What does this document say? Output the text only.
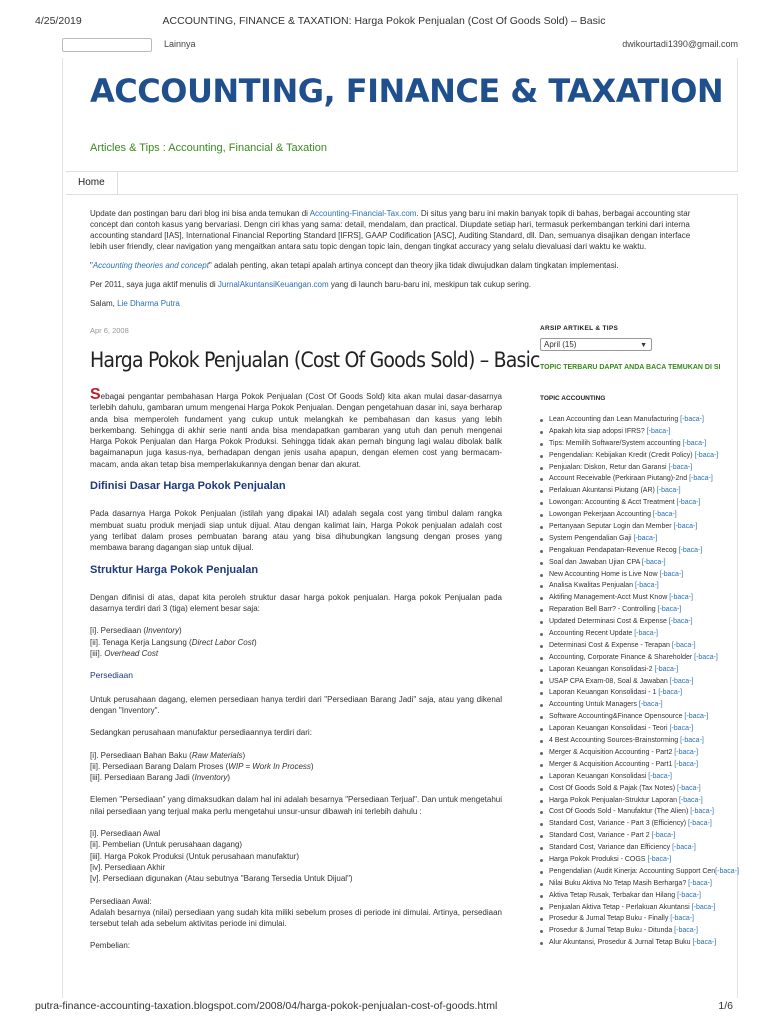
4/25/2019	ACCOUNTING, FINANCE & TAXATION: Harga Pokok Penjualan (Cost Of Goods Sold) – Basic
Lainnya	dwikourtadi1390@gmail.com
ACCOUNTING, FINANCE & TAXATION
Articles & Tips : Accounting, Financial & Taxation
Home

Update dan postingan baru dari blog ini bisa anda temukan di Accounting-Financial-Tax.com. Di situs yang baru ini makin banyak topik di bahas, berbagai accounting star
concept dan contoh kasus yang bervariasi. Dengn ciri khas yang sama: detail, mendalam, dan practical. Diupdate setiap hari, termasuk perkembangan terkini dari interna
accounting standard [IAS], International Financial Reporting Standard [IFRS], GAAP Codification [ASC], Auditing Standard, dll. Dan, semuanya disajikan dengan interface
lebih user friendly, clear navigation yang mengaitkan antara satu topic dengan topic lain, dengan tingkat accuracy yang selalu dievaluasi dari waktu ke waktu.

"Accounting theories and concept" adalah penting, akan tetapi apalah artinya concept dan theory jika tidak diwujudkan dalam tingkatan implementasi.

Per 2011, saya juga aktif menulis di JurnalAkuntansiKeuangan.com yang di launch baru-baru ini, meskipun tak cukup sering.

Salam, Lie Dharma Putra

Apr 6, 2008
Harga Pokok Penjualan (Cost Of Goods Sold) – Basic

Sebagai pengantar pembahasan Harga Pokok Penjualan (Cost Of Goods Sold) kita akan mulai dasar-dasarnya terlebih dahulu, gambaran umum mengenai Harga Pokok Penjualan. Dengan pengetahuan dasar ini, saya berharap anda bisa memperoleh fundament yang cukup untuk melangkah ke pembahasan dan kasus yang lebih berkembang. Sehingga di akhir serie nanti anda bisa mendapatkan gambaran yang utuh dan penuh mengenai Harga Pokok Penjualan dan Harga Pokok Produksi. Sehingga tidak akan pernah bingung lagi walau dibolak balik bagaimanapun juga kasus-nya, berhadapan dengan jenis usaha apapun, dengan elemen cost yang bermacam-macam, anda akan tetap bisa memperlakukannya dengan benar dan akurat.

Difinisi Dasar Harga Pokok Penjualan

Pada dasarnya Harga Pokok Penjualan (istilah yang dipakai IAI) adalah segala cost yang timbul dalam rangka membuat suatu produk menjadi siap untuk dijual. Atau dengan kalimat lain, Harga Pokok penjualan adalah cost yang terlibat dalam proses pembuatan barang atau yang bisa dihubungkan langsung dengan proses yang membawa barang dagangan siap untuk dijual.

Struktur Harga Pokok Penjualan

Dengan difinisi di atas, dapat kita peroleh struktur dasar harga pokok penjualan. Harga pokok Penjualan pada dasarnya terdiri dari 3 (tiga) element besar saja:

[i]. Persediaan (Inventory)
[ii]. Tenaga Kerja Langsung (Direct Labor Cost)
[iii]. Overhead Cost
Persediaan

Untuk perusahaan dagang, elemen persediaan hanya terdiri dari "Persediaan Barang Jadi" saja, atau yang dikenal dengan "Inventory".

Sedangkan perusahaan manufaktur persediaannya terdiri dari:

[i]. Persediaan Bahan Baku (Raw Materials)
[ii]. Persediaan Barang Dalam Proses (WIP = Work In Process)
[iii]. Persediaan Barang Jadi (Inventory)

Elemen "Persediaan" yang dimaksudkan dalam hal ini adalah besarnya "Persediaan Terjual". Dan untuk mengetahui nilai persediaan yang terjual maka perlu mengetahui unsur-unsur dibawah ini terlebih dahulu :

[i]. Persediaan Awal
[ii]. Pembelian (Untuk perusahaan dagang)
[iii]. Harga Pokok Produksi (Untuk perusahaan manufaktur)
[iv]. Persediaan Akhir
[v]. Persediaan digunakan (Atau sebutnya "Barang Tersedia Untuk Dijual")
Persediaan Awal:

Adalah besarnya (nilai) persediaan yang sudah kita miliki sebelum proses di periode ini dimulai. Artinya, persediaan tersebut telah ada sebelum aktivitas periode ini dimulai.

Pembelian:
ARSIP ARTIKEL & TIPS
April (15)	▼
TOPIC TERBARU DAPAT ANDA BACA TEMUKAN DI SI
TOPIC ACCOUNTING
Lean Accounting dan Lean Manufacturing [-baca-]
Apakah kita siap adopsi IFRS? [-baca-]
Tips: Memilih Software/System accounting [-baca-]
Pengendalian: Kebijakan Kredit (Credit Policy) [-baca-]
Penjualan: Diskon, Retur dan Garansi [-baca-]
Account Receivable (Perkiraan Piutang)-2nd [-baca-]
Perlakuan Akuntansi Piutang (AR) [-baca-]
Lowongan: Accounting & Acct Treatment [-baca-]
Lowongan Pekerjaan Accounting [-baca-]
Pertanyaan Seputar Login dan Member [-baca-]
System Pengendalian Gaji [-baca-]
Pengakuan Pendapatan-Revenue Recog [-baca-]
Soal dan Jawaban Ujian CPA [-baca-]
New Accounting Home is Live Now [-baca-]
Analisa Kwalitas Penjualan [-baca-]
Aktifing Management-Acct Must Know [-baca-]
Reparation Bell Barr? - Controlling [-baca-]
Updated Determinasi Cost & Expense [-baca-]
Accounting Recent Update [-baca-]
Determinasi Cost & Expense - Terapan [-baca-]
Accounting, Corporate Finance & Shareholder [-baca-]
Laporan Keuangan Konsolidasi-2 [-baca-]
USAP CPA Exam-08, Soal & Jawaban [-baca-]
Laporan Keuangan Konsolidasi - 1 [-baca-]
Accounting Untuk Managers [-baca-]
Software Accounting&Finance Opensource [-baca-]
Laporan Keuangan Konsolidasi - Teori [-baca-]
4 Best Accounting Sources-Brainstorming [-baca-]
Merger & Acquisition Accounting - Part2 [-baca-]
Merger & Acquisition Accounting - Part1 [-baca-]
Laporan Keuangan Konsolidasi [-baca-]
Cost Of Goods Sold & Pajak (Tax Notes) [-baca-]
Harga Pokok Penjualan-Struktur Laporan [-baca-]
Cost Of Goods Sold - Manufaktur (The Alien) [-baca-]
Standard Cost, Variance - Part 3 (Efficiency) [-baca-]
Standard Cost, Variance - Part 2 [-baca-]
Standard Cost, Variance dan Efficiency [-baca-]
Harga Pokok Produksi - COGS [-baca-]
Pengendalian (Audit Kinerja: Accounting Support Cen[-baca-]
Nilai Buku Aktiva No Tetap Masih Berharga? [-baca-]
Aktiva Tetap Rusak, Terbakar dan Hilang [-baca-]
Penjualan Aktiva Tetap - Perlakuan Akuntansi [-baca-]
Prosedur & Jurnal Tetap Buku - Finally [-baca-]
Prosedur & Jurnal Tetap Buku - Ditunda [-baca-]
Alur Akuntansi, Prosedur & Jurnal Tetap Buku [-baca-]
putra-finance-accounting-taxation.blogspot.com/2008/04/harga-pokok-penjualan-cost-of-goods.html	1/6
